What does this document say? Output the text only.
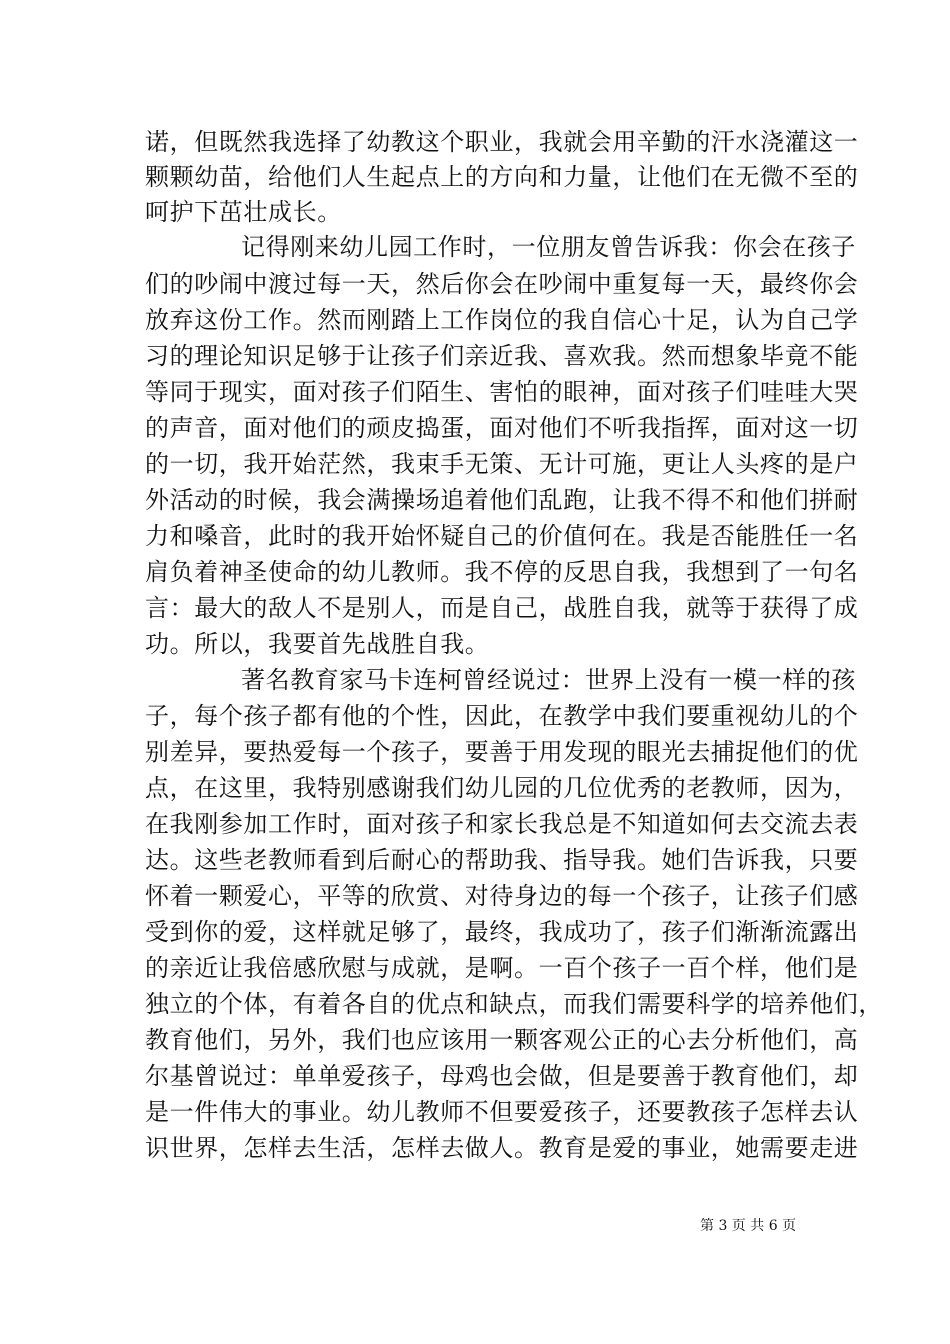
诺，但既然我选择了幼教这个职业，我就会用辛勤的汗水浇灌这一
颗颗幼苗，给他们人生起点上的方向和力量，让他们在无微不至的
呵护下茁壮成长。
记得刚来幼儿园工作时，一位朋友曾告诉我：你会在孩子
们的吵闹中渡过每一天，然后你会在吵闹中重复每一天，最终你会
放弃这份工作。然而刚踏上工作岗位的我自信心十足，认为自己学
习的理论知识足够于让孩子们亲近我、喜欢我。然而想象毕竟不能
等同于现实，面对孩子们陌生、害怕的眼神，面对孩子们哇哇大哭
的声音，面对他们的顽皮捣蛋，面对他们不听我指挥，面对这一切
的一切，我开始茫然，我束手无策、无计可施，更让人头疼的是户
外活动的时候，我会满操场追着他们乱跑，让我不得不和他们拼耐
力和嗓音，此时的我开始怀疑自己的价值何在。我是否能胜任一名
肩负着神圣使命的幼儿教师。我不停的反思自我，我想到了一句名
言：最大的敌人不是别人，而是自己，战胜自我，就等于获得了成
功。所以，我要首先战胜自我。
著名教育家马卡连柯曾经说过：世界上没有一模一样的孩
子，每个孩子都有他的个性，因此，在教学中我们要重视幼儿的个
别差异，要热爱每一个孩子，要善于用发现的眼光去捕捉他们的优
点，在这里，我特别感谢我们幼儿园的几位优秀的老教师，因为，
在我刚参加工作时，面对孩子和家长我总是不知道如何去交流去表
达。这些老教师看到后耐心的帮助我、指导我。她们告诉我，只要
怀着一颗爱心，平等的欣赏、对待身边的每一个孩子，让孩子们感
受到你的爱，这样就足够了，最终，我成功了，孩子们渐渐流露出
的亲近让我倍感欣慰与成就，是啊。一百个孩子一百个样，他们是
独立的个体，有着各自的优点和缺点，而我们需要科学的培养他们，
教育他们，另外，我们也应该用一颗客观公正的心去分析他们，高
尔基曾说过：单单爱孩子，母鸡也会做，但是要善于教育他们，却
是一件伟大的事业。幼儿教师不但要爱孩子，还要教孩子怎样去认
识世界，怎样去生活，怎样去做人。教育是爱的事业，她需要走进
第 3 页 共 6 页
